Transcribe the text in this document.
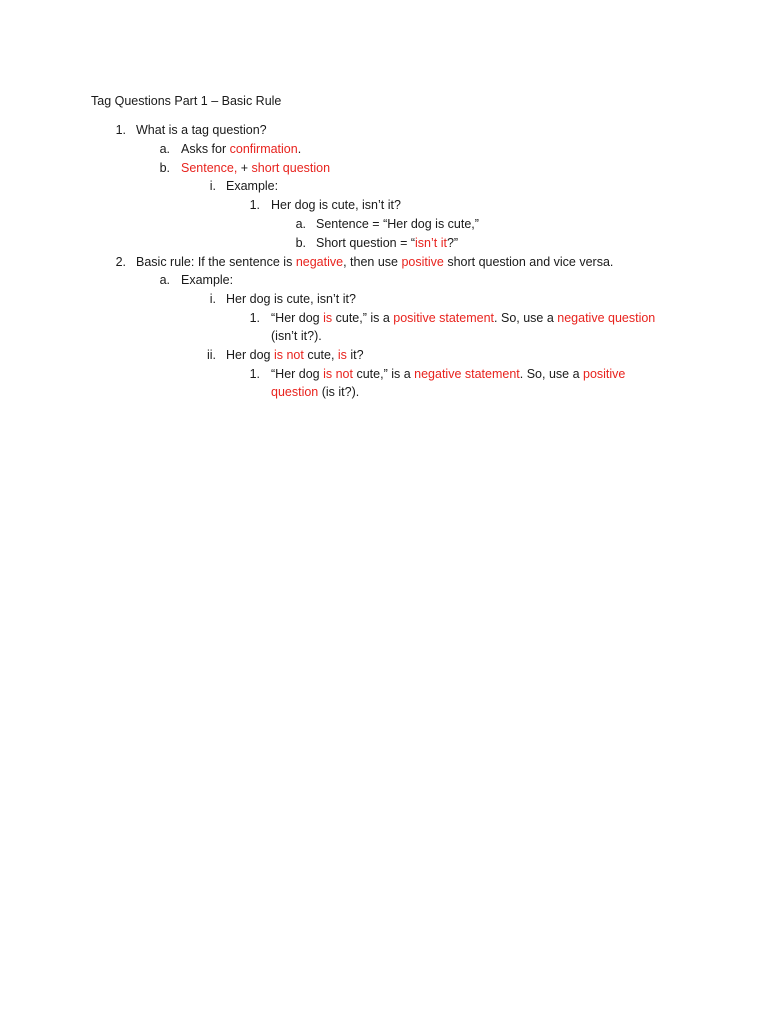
Tag Questions Part 1 – Basic Rule
1. What is a tag question?
a. Asks for confirmation.
b. Sentence, + short question
i. Example:
1. Her dog is cute, isn’t it?
a. Sentence = “Her dog is cute,”
b. Short question = “isn’t it?”
2. Basic rule: If the sentence is negative, then use positive short question and vice versa.
a. Example:
i. Her dog is cute, isn’t it?
1. “Her dog is cute,” is a positive statement. So, use a negative question
(isn’t it?).
ii. Her dog is not cute, is it?
1. “Her dog is not cute,” is a negative statement. So, use a positive
question (is it?).
